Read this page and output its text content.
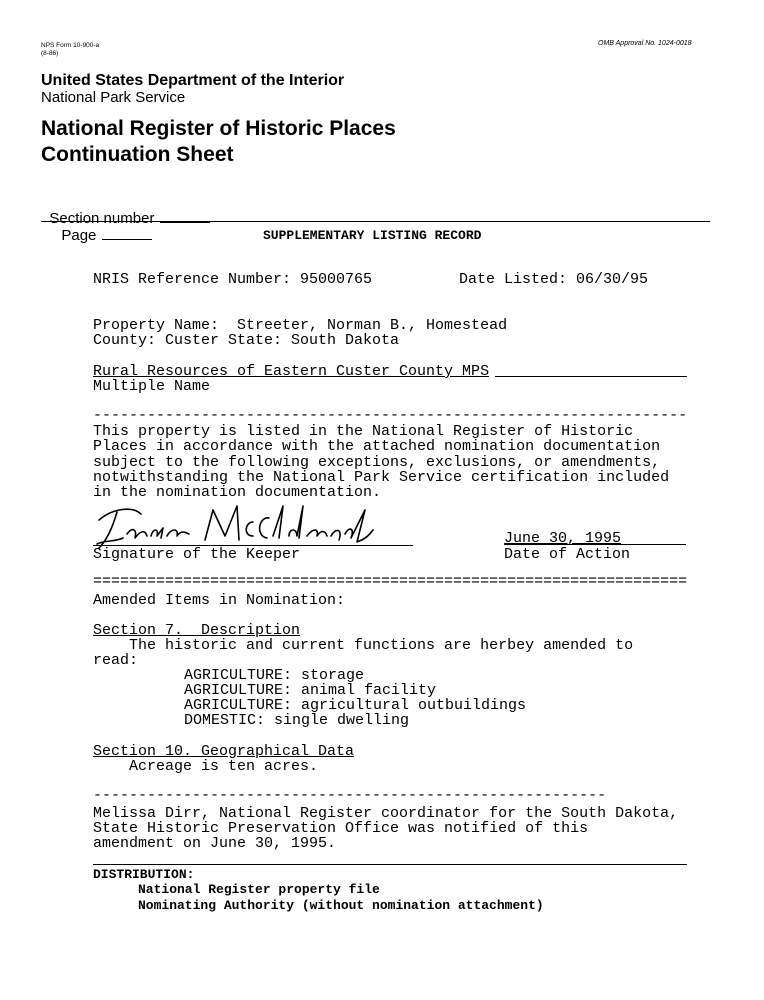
NPS Form 10-900-a
(8-86)
OMB Approval No. 1024-0018
United States Department of the Interior
National Park Service
National Register of Historic Places
Continuation Sheet

Section number
Page	SUPPLEMENTARY LISTING RECORD
NRIS Reference Number: 95000765	Date Listed: 06/30/95
Property Name:  Streeter, Norman B., Homestead
County: Custer State: South Dakota
Rural Resources of Eastern Custer County MPS
Multiple Name
------------------------------------------------------------------
This property is listed in the National Register of Historic
Places in accordance with the attached nomination documentation
subject to the following exceptions, exclusions, or amendments,
notwithstanding the National Park Service certification included
in the nomination documentation.
Signature of the Keeper
June 30, 1995
Date of Action
==================================================================
Amended Items in Nomination:
Section 7.  Description
The historic and current functions are herbey amended to
read:
AGRICULTURE: storage
AGRICULTURE: animal facility
AGRICULTURE: agricultural outbuildings
DOMESTIC: single dwelling
Section 10. Geographical Data
Acreage is ten acres.
---------------------------------------------------------
Melissa Dirr, National Register coordinator for the South Dakota,
State Historic Preservation Office was notified of this
amendment on June 30, 1995.
DISTRIBUTION:
National Register property file
Nominating Authority (without nomination attachment)
